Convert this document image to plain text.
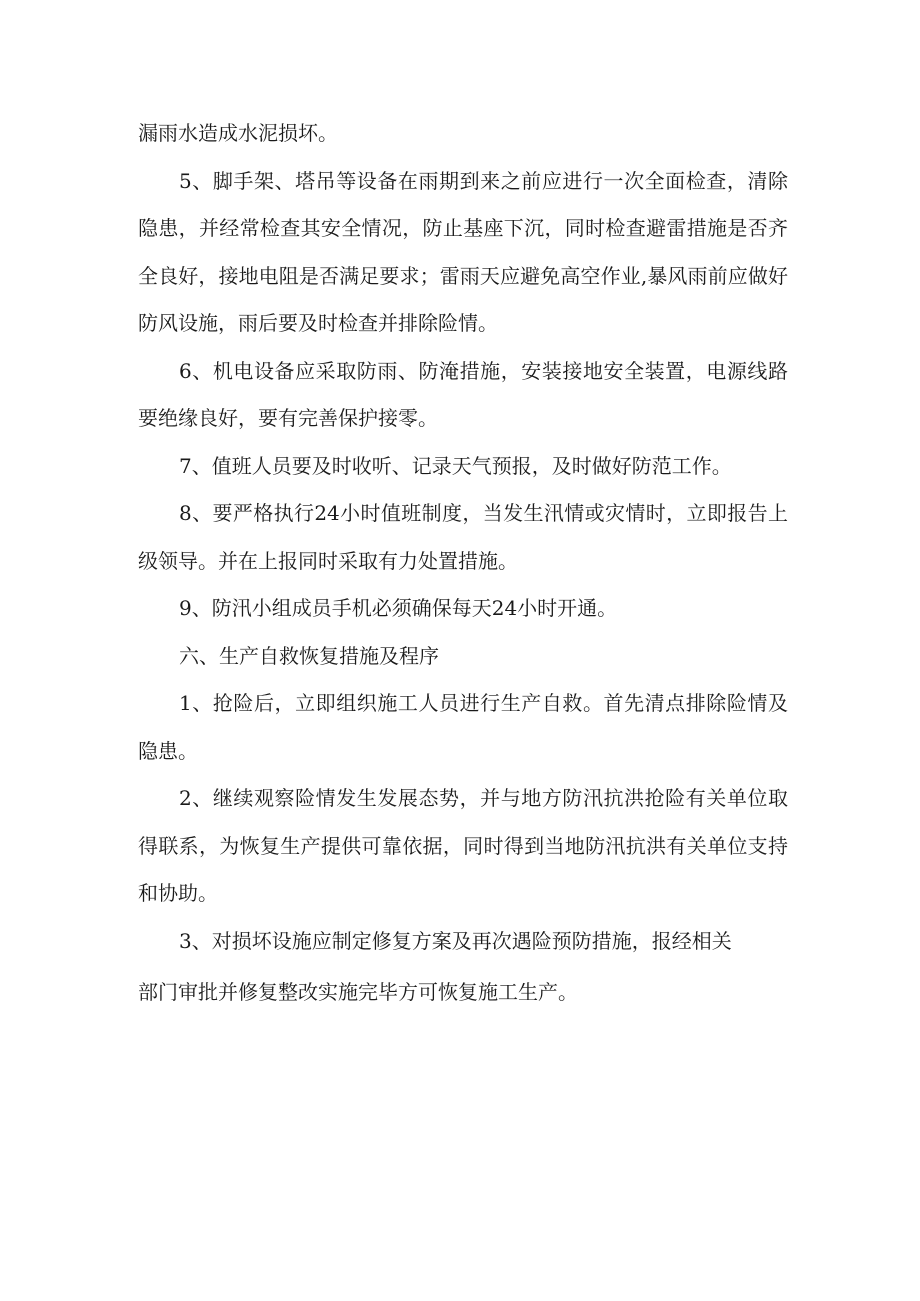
漏雨水造成水泥损坏。

5、脚手架、塔吊等设备在雨期到来之前应进行一次全面检查，清除隐患，并经常检查其安全情况，防止基座下沉，同时检查避雷措施是否齐全良好，接地电阻是否满足要求；雷雨天应避免高空作业,暴风雨前应做好防风设施，雨后要及时检查并排除险情。

6、机电设备应采取防雨、防淹措施，安装接地安全装置，电源线路要绝缘良好，要有完善保护接零。

7、值班人员要及时收听、记录天气预报，及时做好防范工作。

8、要严格执行24小时值班制度，当发生汛情或灾情时，立即报告上级领导。并在上报同时采取有力处置措施。

9、防汛小组成员手机必须确保每天24小时开通。

六、生产自救恢复措施及程序

1、抢险后，立即组织施工人员进行生产自救。首先清点排除险情及隐患。

2、继续观察险情发生发展态势，并与地方防汛抗洪抢险有关单位取得联系，为恢复生产提供可靠依据，同时得到当地防汛抗洪有关单位支持和协助。

3、对损坏设施应制定修复方案及再次遇险预防措施，报经相关

部门审批并修复整改实施完毕方可恢复施工生产。
